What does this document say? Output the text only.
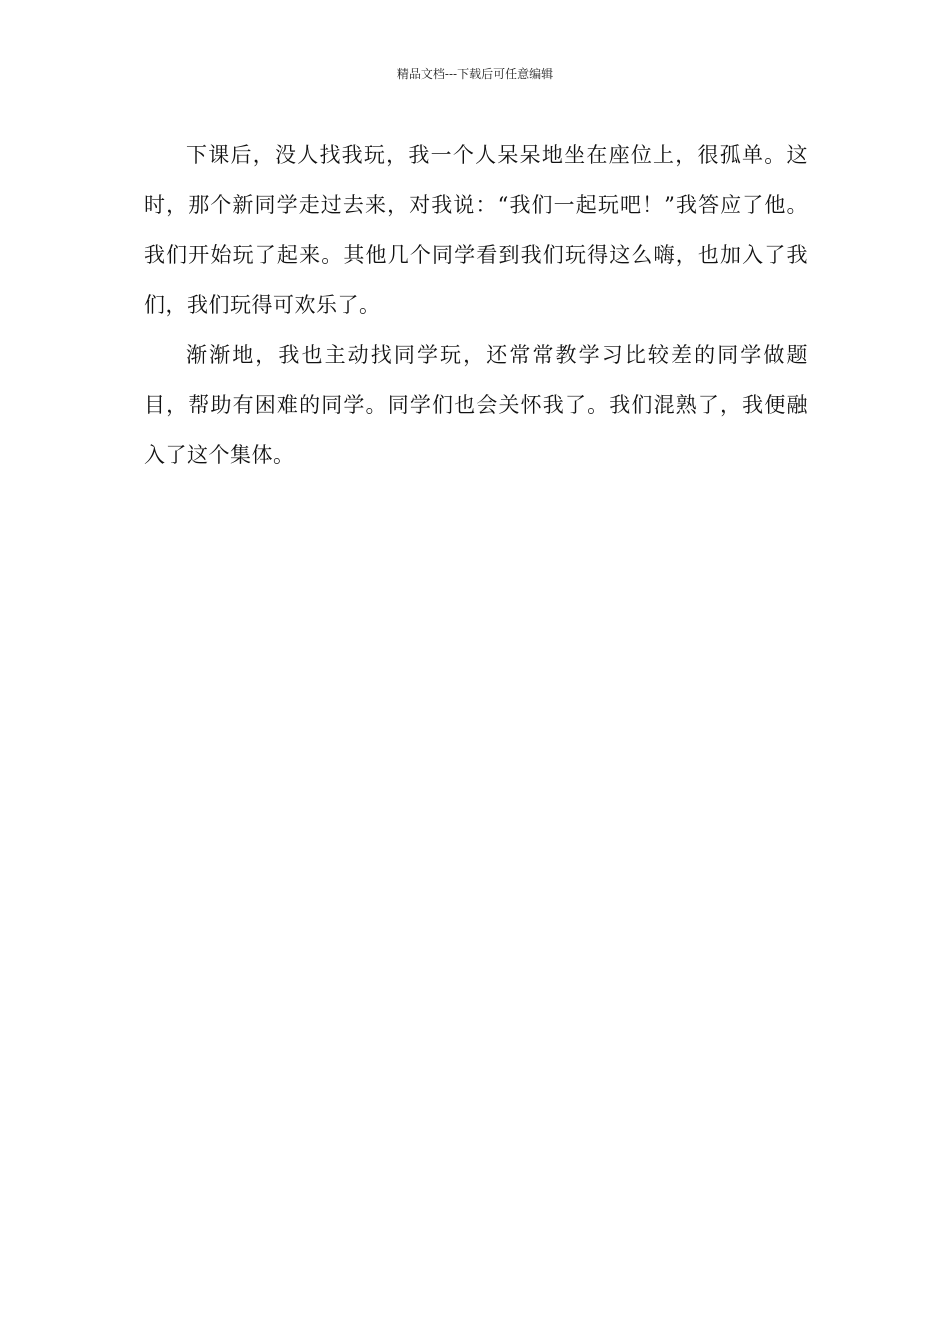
精品文档---下载后可任意编辑

下课后，没人找我玩，我一个人呆呆地坐在座位上，很孤单。这时，那个新同学走过去来，对我说：“我们一起玩吧！”我答应了他。我们开始玩了起来。其他几个同学看到我们玩得这么嗨，也加入了我们，我们玩得可欢乐了。

渐渐地，我也主动找同学玩，还常常教学习比较差的同学做题目，帮助有困难的同学。同学们也会关怀我了。我们混熟了，我便融入了这个集体。
